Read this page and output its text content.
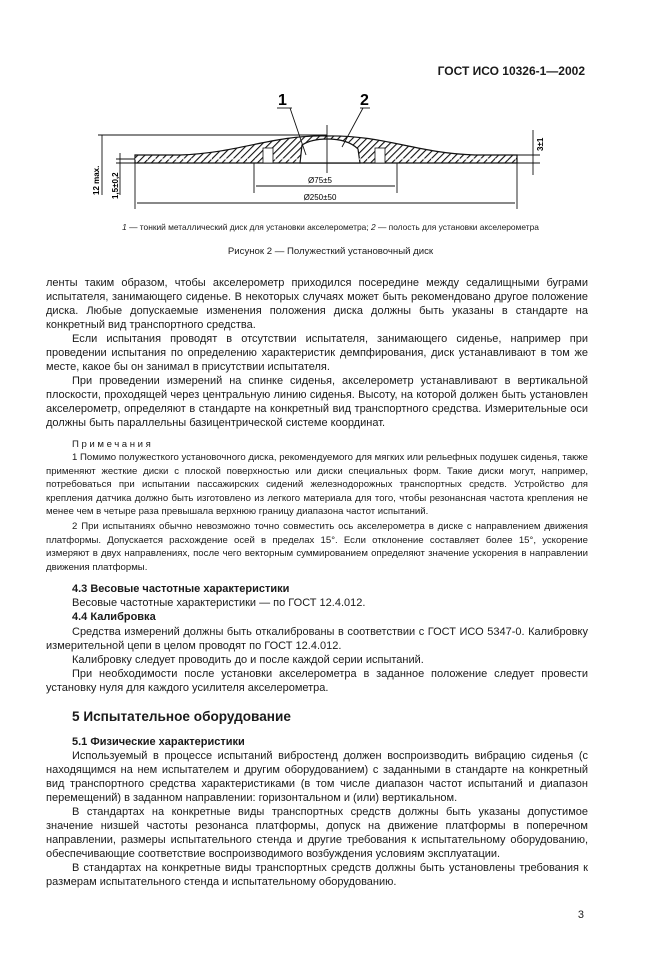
ГОСТ ИСО 10326-1—2002
1	2
Ø75±5
Ø250±50
12 max. 1,5±0,2
3±1
1 — тонкий металлический диск для установки акселерометра; 2 — полость для установки акселерометра
Рисунок 2 — Полужесткий установочный диск

ленты таким образом, чтобы акселерометр приходился посередине между седалищными буграми испытателя, занимающего сиденье. В некоторых случаях может быть рекомендовано другое положение диска. Любые допускаемые изменения положения диска должны быть указаны в стандарте на конкретный вид транспортного средства.

Если испытания проводят в отсутствии испытателя, занимающего сиденье, например при проведении испытания по определению характеристик демпфирования, диск устанавливают в том же месте, какое бы он занимал в присутствии испытателя.

При проведении измерений на спинке сиденья, акселерометр устанавливают в вертикальной плоскости, проходящей через центральную линию сиденья. Высоту, на которой должен быть установлен акселерометр, определяют в стандарте на конкретный вид транспортного средства. Измерительные оси должны быть параллельны базицентрической системе координат.

Примечания

1 Помимо полужесткого установочного диска, рекомендуемого для мягких или рельефных подушек сиденья, также применяют жесткие диски с плоской поверхностью или диски специальных форм. Такие диски могут, например, потребоваться при испытании пассажирских сидений железнодорожных транспортных средств. Устройство для крепления датчика должно быть изготовлено из легкого материала для того, чтобы резонансная частота крепления не менее чем в четыре раза превышала верхнюю границу диапазона частот испытаний.

2 При испытаниях обычно невозможно точно совместить ось акселерометра в диске с направлением движения платформы. Допускается расхождение осей в пределах 15°. Если отклонение составляет более 15°, ускорение измеряют в двух направлениях, после чего векторным суммированием определяют значение ускорения в направлении движения платформы.

4.3 Весовые частотные характеристики

Весовые частотные характеристики — по ГОСТ 12.4.012.

4.4 Калибровка

Средства измерений должны быть откалиброваны в соответствии с ГОСТ ИСО 5347-0. Калибровку измерительной цепи в целом проводят по ГОСТ 12.4.012.

Калибровку следует проводить до и после каждой серии испытаний.

При необходимости после установки акселерометра в заданное положение следует провести установку нуля для каждого усилителя акселерометра.

5 Испытательное оборудование
5.1 Физические характеристики

Используемый в процессе испытаний вибростенд должен воспроизводить вибрацию сиденья (с находящимся на нем испытателем и другим оборудованием) с заданными в стандарте на конкретный вид транспортного средства характеристиками (в том числе диапазон частот испытаний и диапазон перемещений) в заданном направлении: горизонтальном и (или) вертикальном.

В стандартах на конкретные виды транспортных средств должны быть указаны допустимое значение низшей частоты резонанса платформы, допуск на движение платформы в поперечном направлении, размеры испытательного стенда и другие требования к испытательному оборудованию, обеспечивающие соответствие воспроизводимого возбуждения условиям эксплуатации.

В стандартах на конкретные виды транспортных средств должны быть установлены требования к размерам испытательного стенда и испытательному оборудованию.

3
